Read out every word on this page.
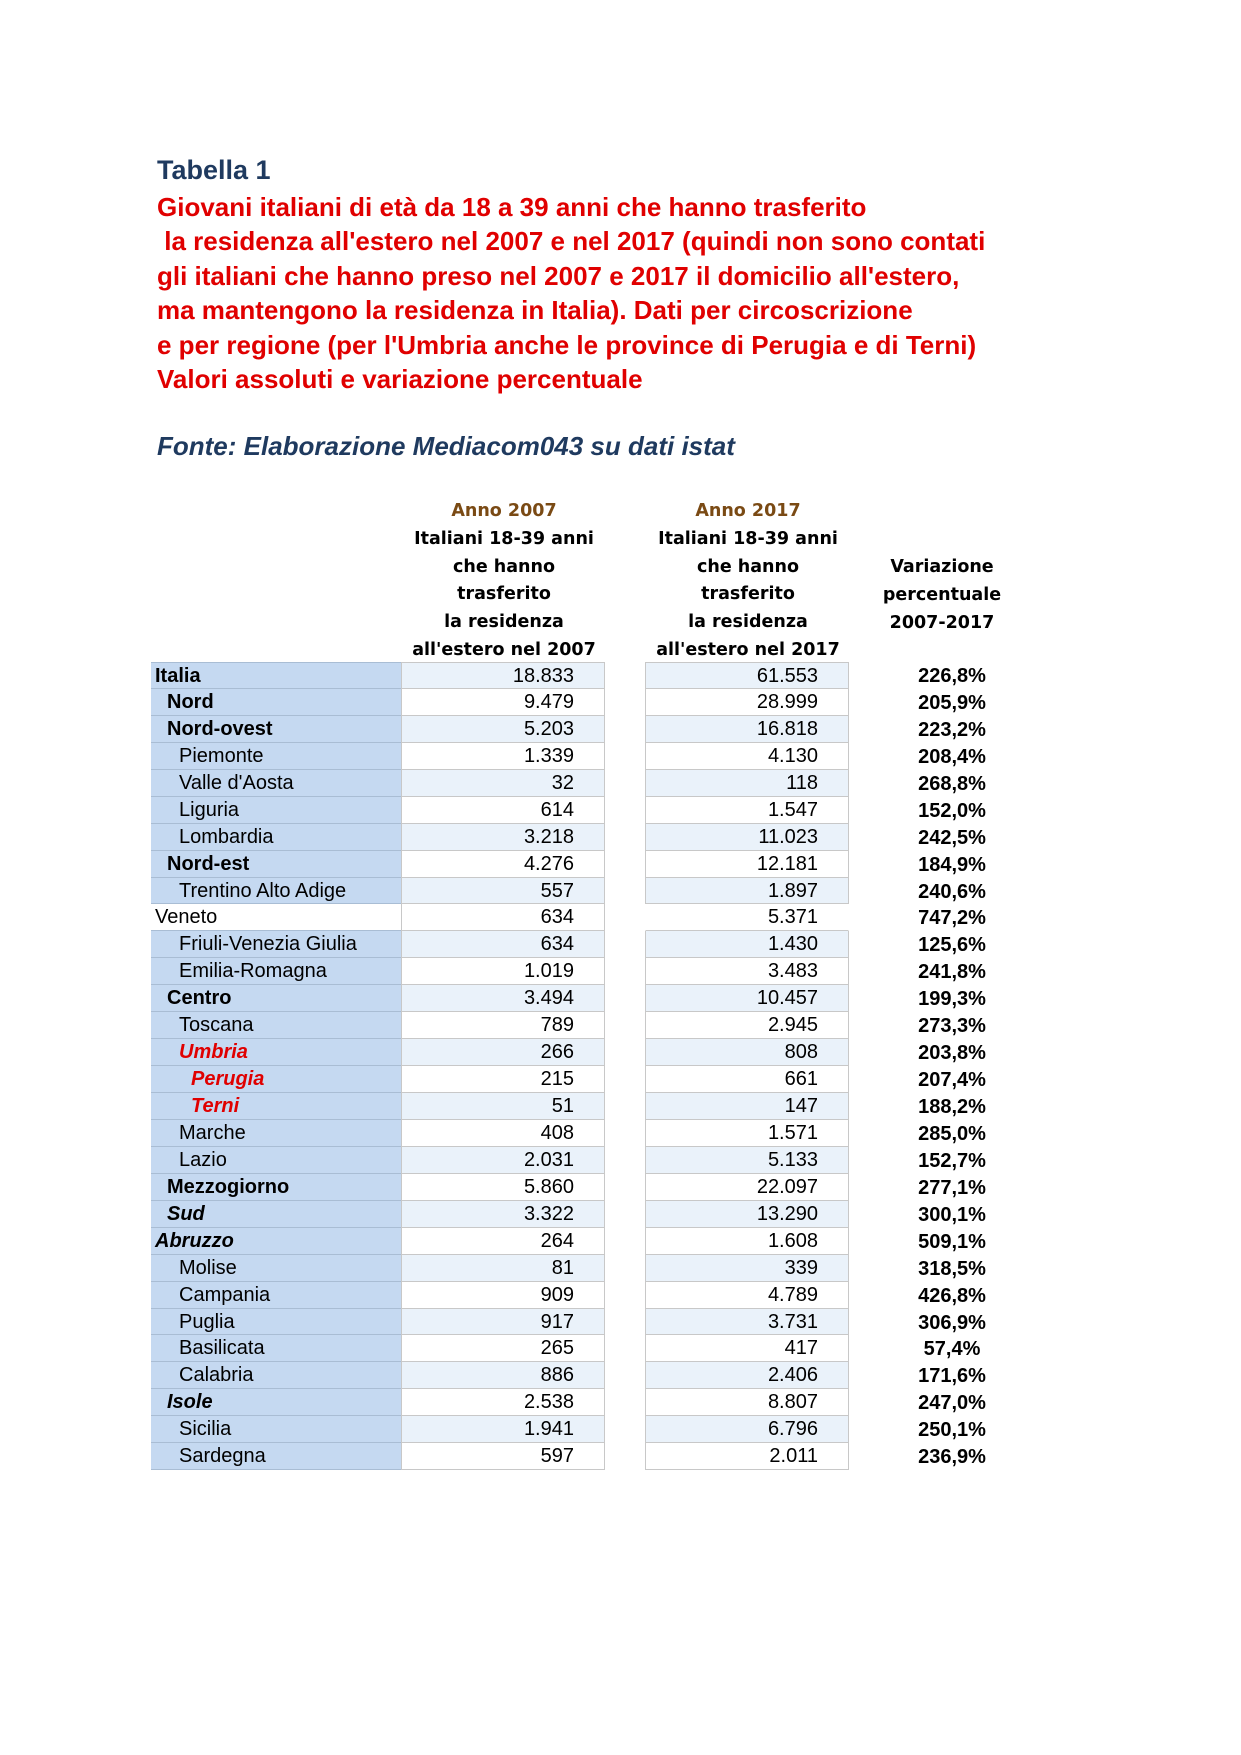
Tabella 1
Giovani italiani di età da 18 a 39 anni che hanno trasferito
la residenza all'estero nel 2007 e nel 2017 (quindi non sono contati
gli italiani che hanno preso nel 2007 e 2017 il domicilio all'estero,
ma mantengono la residenza in Italia). Dati per circoscrizione
e per regione (per l'Umbria anche le province di Perugia e di Terni)
Valori assoluti e variazione percentuale
Fonte: Elaborazione Mediacom043 su dati istat
Anno 2007
Italiani 18-39 anni
che hanno trasferito
la residenza
all'estero nel 2007
Anno 2017
Italiani 18-39 anni
che hanno trasferito
la residenza
all'estero nel 2017
Variazione
percentuale
2007-2017
Italia	18.833	61.553	226,8%
Nord	9.479	28.999	205,9%
Nord-ovest	5.203	16.818	223,2%
Piemonte	1.339	4.130	208,4%
Valle d'Aosta	32	118	268,8%
Liguria	614	1.547	152,0%
Lombardia	3.218	11.023	242,5%
Nord-est	4.276	12.181	184,9%
Trentino Alto Adige	557	1.897	240,6%
Veneto	634	5.371	747,2%
Friuli-Venezia Giulia	634	1.430	125,6%
Emilia-Romagna	1.019	3.483	241,8%
Centro	3.494	10.457	199,3%
Toscana	789	2.945	273,3%
Umbria	266	808	203,8%
Perugia	215	661	207,4%
Terni	51	147	188,2%
Marche	408	1.571	285,0%
Lazio	2.031	5.133	152,7%
Mezzogiorno	5.860	22.097	277,1%
Sud	3.322	13.290	300,1%
Abruzzo	264	1.608	509,1%
Molise	81	339	318,5%
Campania	909	4.789	426,8%
Puglia	917	3.731	306,9%
Basilicata	265	417	57,4%
Calabria	886	2.406	171,6%
Isole	2.538	8.807	247,0%
Sicilia	1.941	6.796	250,1%
Sardegna	597	2.011	236,9%
